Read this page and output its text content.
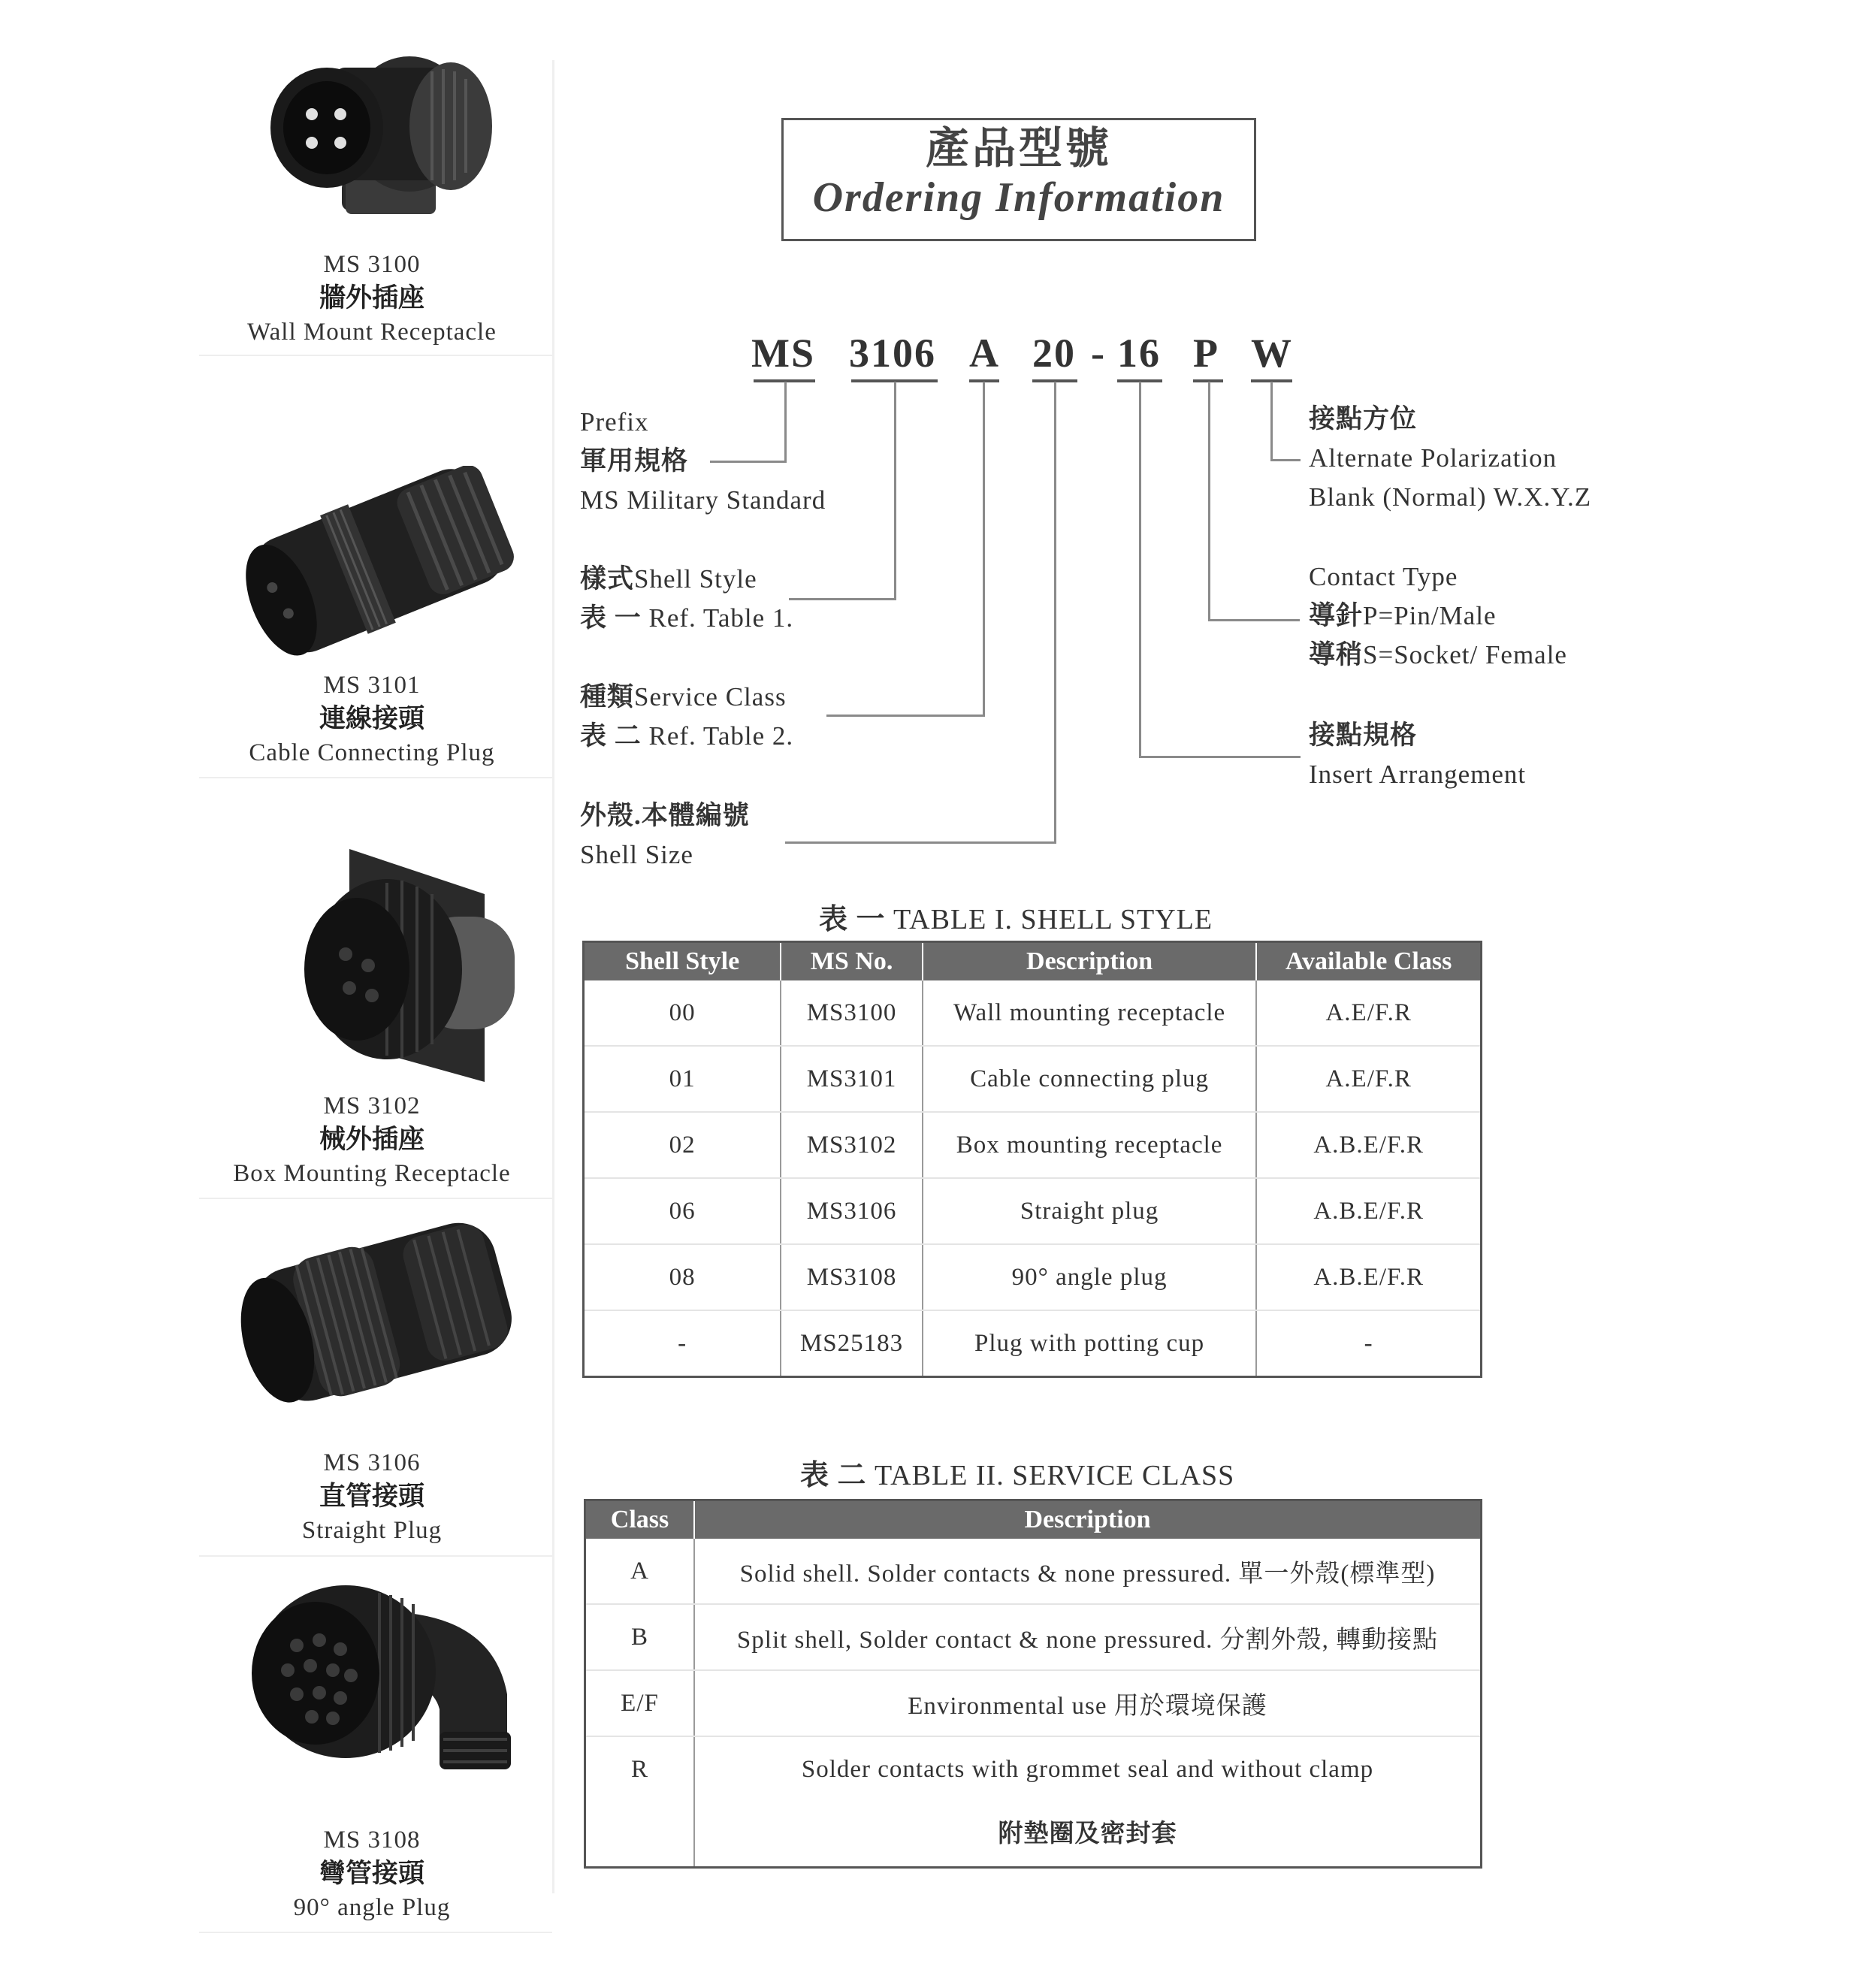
MS 3100
牆外插座
Wall Mount Receptacle
MS 3101
連線接頭
Cable Connecting Plug
MS 3102
械外插座
Box Mounting Receptacle
MS 3106
直管接頭
Straight Plug
MS 3108
彎管接頭
90° angle Plug
產品型號
Ordering Information
MS 3106 A 20 - 16 P W
Prefix
軍用規格
MS Military Standard
樣式Shell Style
表 一 Ref. Table 1.
種類Service Class
表 二 Ref. Table 2.
外殼.本體編號
Shell Size
接點方位
Alternate Polarization
Blank (Normal) W.X.Y.Z
Contact Type
導針P=Pin/Male
導稍S=Socket/ Female
接點規格
Insert Arrangement
表 一 TABLE I. SHELL STYLE
Shell Style	MS No.	Description	Available Class
00	MS3100	Wall mounting receptacle	A.E/F.R
01	MS3101	Cable connecting plug	A.E/F.R
02	MS3102	Box mounting receptacle	A.B.E/F.R
06	MS3106	Straight plug	A.B.E/F.R
08	MS3108	90° angle plug	A.B.E/F.R
-	MS25183	Plug with potting cup	-
表 二 TABLE II. SERVICE CLASS
Class	Description
A	Solid shell. Solder contacts & none pressured. 單一外殼(標準型)
B	Split shell, Solder contact & none pressured. 分割外殼, 轉動接點
E/F	Environmental use 用於環境保護

R	Solder contacts with grommet seal and without clamp
附墊圈及密封套
